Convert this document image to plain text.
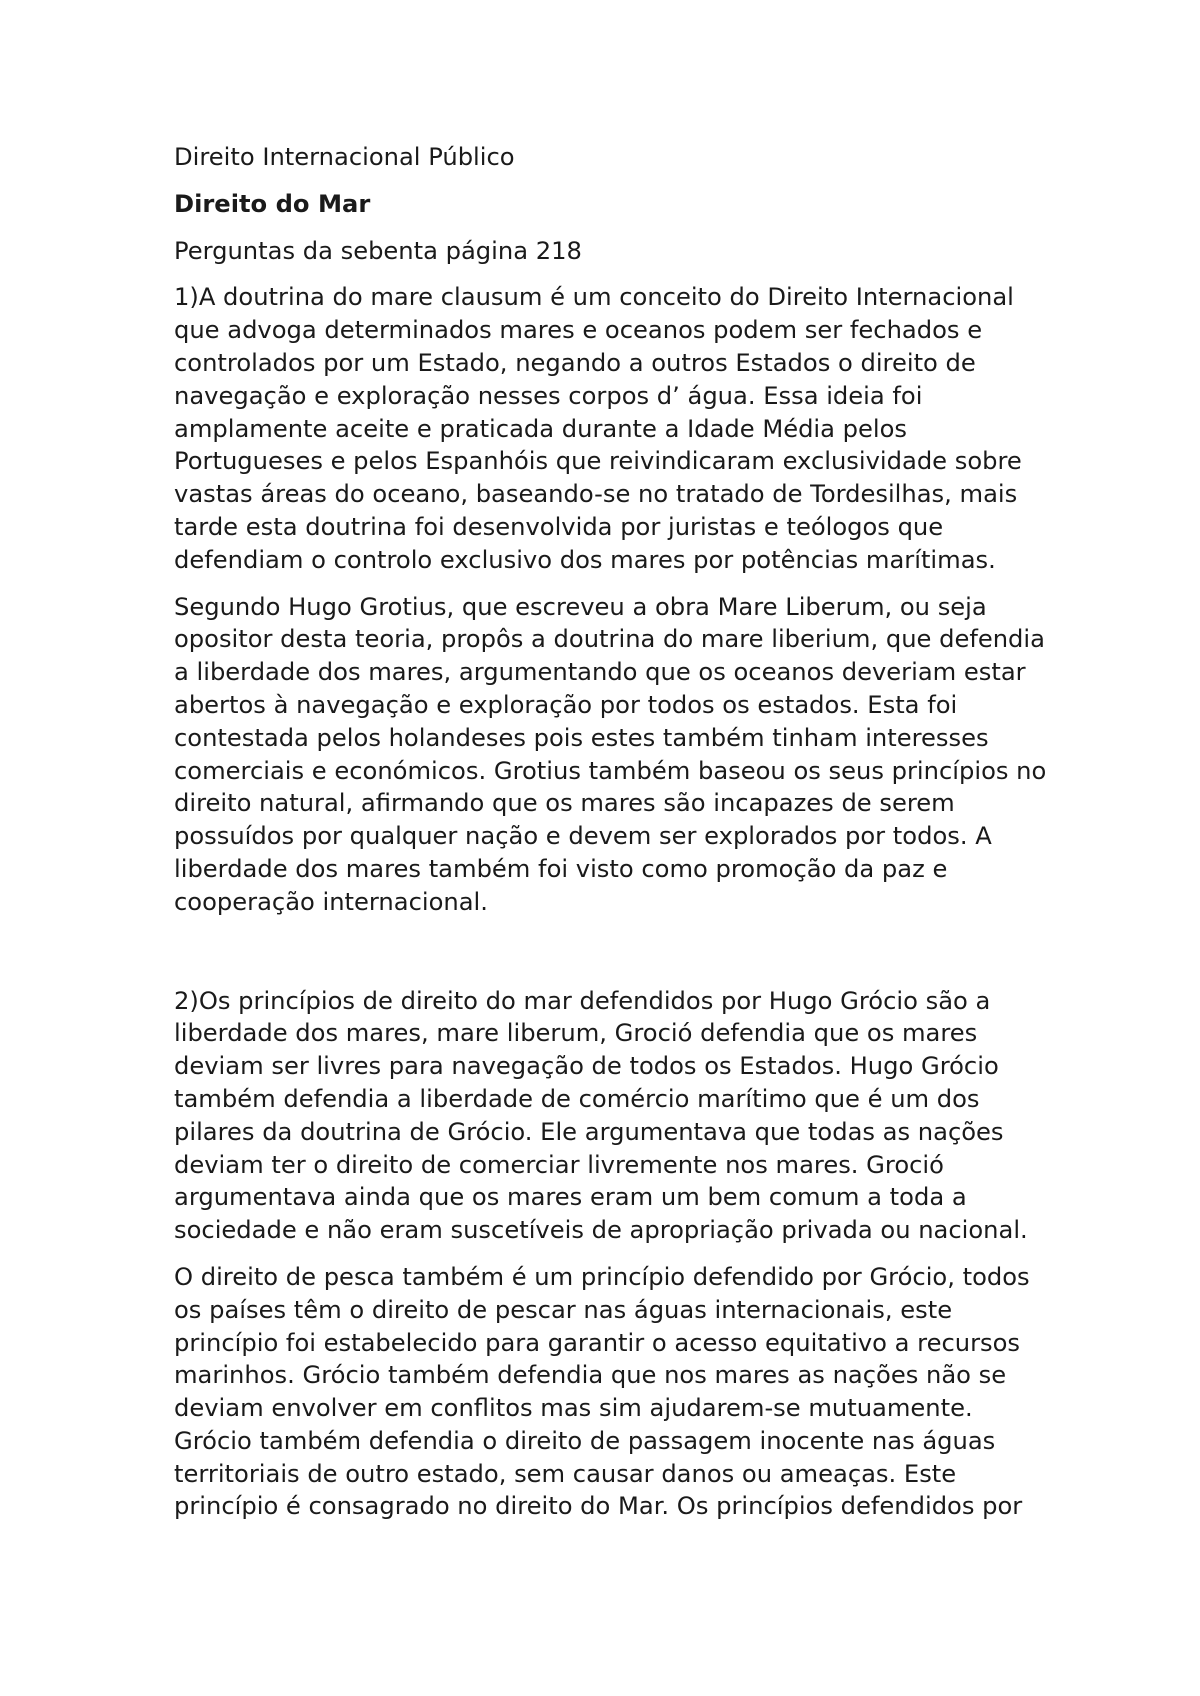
Direito Internacional Público

Direito do Mar

Perguntas da sebenta página 218

1)A doutrina do mare clausum é um conceito do Direito Internacional que advoga determinados mares e oceanos podem ser fechados e controlados por um Estado, negando a outros Estados o direito de navegação e exploração nesses corpos d’ água. Essa ideia foi amplamente aceite e praticada durante a Idade Média pelos Portugueses e pelos Espanhóis que reivindicaram exclusividade sobre vastas áreas do oceano, baseando-se no tratado de Tordesilhas, mais tarde esta doutrina foi desenvolvida por juristas e teólogos que defendiam o controlo exclusivo dos mares por potências marítimas.

Segundo Hugo Grotius, que escreveu a obra Mare Liberum, ou seja opositor desta teoria, propôs a doutrina do mare liberium, que defendia a liberdade dos mares, argumentando que os oceanos deveriam estar abertos à navegação e exploração por todos os estados. Esta foi contestada pelos holandeses pois estes também tinham interesses comerciais e económicos. Grotius também baseou os seus princípios no direito natural, afirmando que os mares são incapazes de serem possuídos por qualquer nação e devem ser explorados por todos. A liberdade dos mares também foi visto como promoção da paz e cooperação internacional.

2)Os princípios de direito do mar defendidos por Hugo Grócio são a liberdade dos mares, mare liberum, Grociό defendia que os mares deviam ser livres para navegação de todos os Estados. Hugo Grócio também defendia a liberdade de comércio marítimo que é um dos pilares da doutrina de Grócio. Ele argumentava que todas as nações deviam ter o direito de comerciar livremente nos mares. Grociό argumentava ainda que os mares eram um bem comum a toda a sociedade e não eram suscetíveis de apropriação privada ou nacional.

O direito de pesca também é um princípio defendido por Grócio, todos os países têm o direito de pescar nas águas internacionais, este princípio foi estabelecido para garantir o acesso equitativo a recursos marinhos. Grócio também defendia que nos mares as nações não se deviam envolver em conflitos mas sim ajudarem-se mutuamente. Grócio também defendia o direito de passagem inocente nas águas territoriais de outro estado, sem causar danos ou ameaças. Este princípio é consagrado no direito do Mar. Os princípios defendidos por
